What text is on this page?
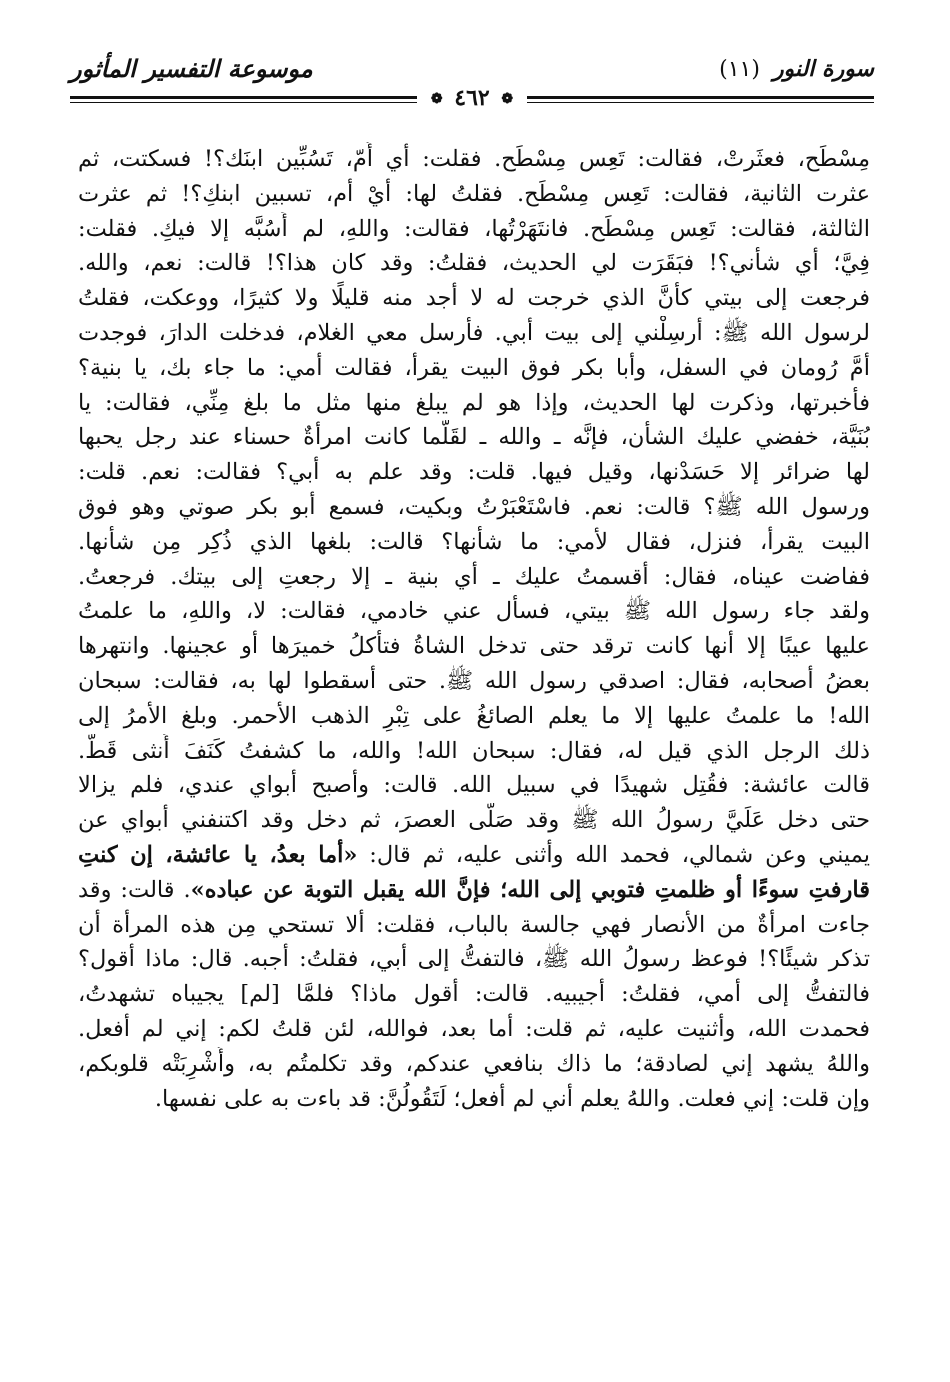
سورة النور (١١)
موسوعة التفسير المأثور
❁ ٤٦٢ ❁
مِسْطَح، فعثَرتْ، فقالت: تَعِس مِسْطَح. فقلت: أي أُمّ، تَسُبِّين ابنَك؟! فسكتت، ثم
عثرت الثانية، فقالت: تَعِس مِسْطَح. فقلتُ لها: أيْ أم، تسبين ابنكِ؟! ثم عثرت
الثالثة، فقالت: تَعِس مِسْطَح. فانتَهَرْتُها، فقالت: واللهِ، لم أَسُبَّه إلا فيكِ. فقلت:
فِيَّ؛ أي شأني؟! فبَقَرَت لي الحديث، فقلتُ: وقد كان هذا؟! قالت: نعم، والله.
فرجعت إلى بيتي كأنَّ الذي خرجت له لا أجد منه قليلًا ولا كثيرًا، ووعكت، فقلتُ
لرسول الله ﷺ: أرسِلْني إلى بيت أبي. فأرسل معي الغلام، فدخلت الدارَ، فوجدت
أمَّ رُومان في السفل، وأبا بكر فوق البيت يقرأ، فقالت أمي: ما جاء بك، يا بنية؟
فأخبرتها، وذكرت لها الحديث، وإذا هو لم يبلغ منها مثل ما بلغ مِنِّي، فقالت: يا
بُنَيَّة، خفضي عليك الشأن، فإنَّه ـ والله ـ لقَلَّما كانت امرأةٌ حسناء عند رجل يحبها
لها ضرائر إلا حَسَدْنها، وقيل فيها. قلت: وقد علم به أبي؟ فقالت: نعم. قلت:
ورسول الله ﷺ؟ قالت: نعم. فاسْتَعْبَرْتُ وبكيت، فسمع أبو بكر صوتي وهو فوق
البيت يقرأ، فنزل، فقال لأمي: ما شأنها؟ قالت: بلغها الذي ذُكِر مِن شأنها.
ففاضت عيناه، فقال: أقسمتُ عليك ـ أي بنية ـ إلا رجعتِ إلى بيتك. فرجعتُ.
ولقد جاء رسول الله ﷺ بيتي، فسأل عني خادمي، فقالت: لا، واللهِ، ما علمتُ
عليها عيبًا إلا أنها كانت ترقد حتى تدخل الشاةُ فتأكلُ خميرَها أو عجينها. وانتهرها
بعضُ أصحابه، فقال: اصدقي رسول الله ﷺ. حتى أسقطوا لها به، فقالت: سبحان
الله! ما علمتُ عليها إلا ما يعلم الصائغُ على تِبْرِ الذهب الأحمر. وبلغ الأمرُ إلى
ذلك الرجل الذي قيل له، فقال: سبحان الله! والله، ما كشفتُ كَنَفَ أُنثى قَطُّ.
قالت عائشة: فقُتِل شهيدًا في سبيل الله. قالت: وأصبح أبواي عندي، فلم يزالا
حتى دخل عَلَيَّ رسولُ الله ﷺ وقد صَلَّى العصرَ، ثم دخل وقد اكتنفني أبواي عن
يميني وعن شمالي، فحمد الله وأثنى عليه، ثم قال: «أما بعدُ، يا عائشة، إن كنتِ
قارفتِ سوءًا أو ظلمتِ فتوبي إلى الله؛ فإنَّ الله يقبل التوبة عن عباده». قالت: وقد
جاءت امرأةٌ من الأنصار فهي جالسة بالباب، فقلت: ألا تستحي مِن هذه المرأة أن
تذكر شيئًا؟! فوعظ رسولُ الله ﷺ، فالتفتُّ إلى أبي، فقلتُ: أجبه. قال: ماذا أقول؟
فالتفتُّ إلى أمي، فقلتُ: أجيبيه. قالت: أقول ماذا؟ فلمَّا [لم] يجيباه تشهدتُ،
فحمدت الله، وأثنيت عليه، ثم قلت: أما بعد، فوالله، لئن قلتُ لكم: إني لم أفعل.
واللهُ يشهد إني لصادقة؛ ما ذاك بنافعي عندكم، وقد تكلمتُم به، وأُشْرِبَتْه قلوبكم،
وإن قلت: إني فعلت. واللهُ يعلم أني لم أفعل؛ لَتَقُولُنَّ: قد باءت به على نفسها.
